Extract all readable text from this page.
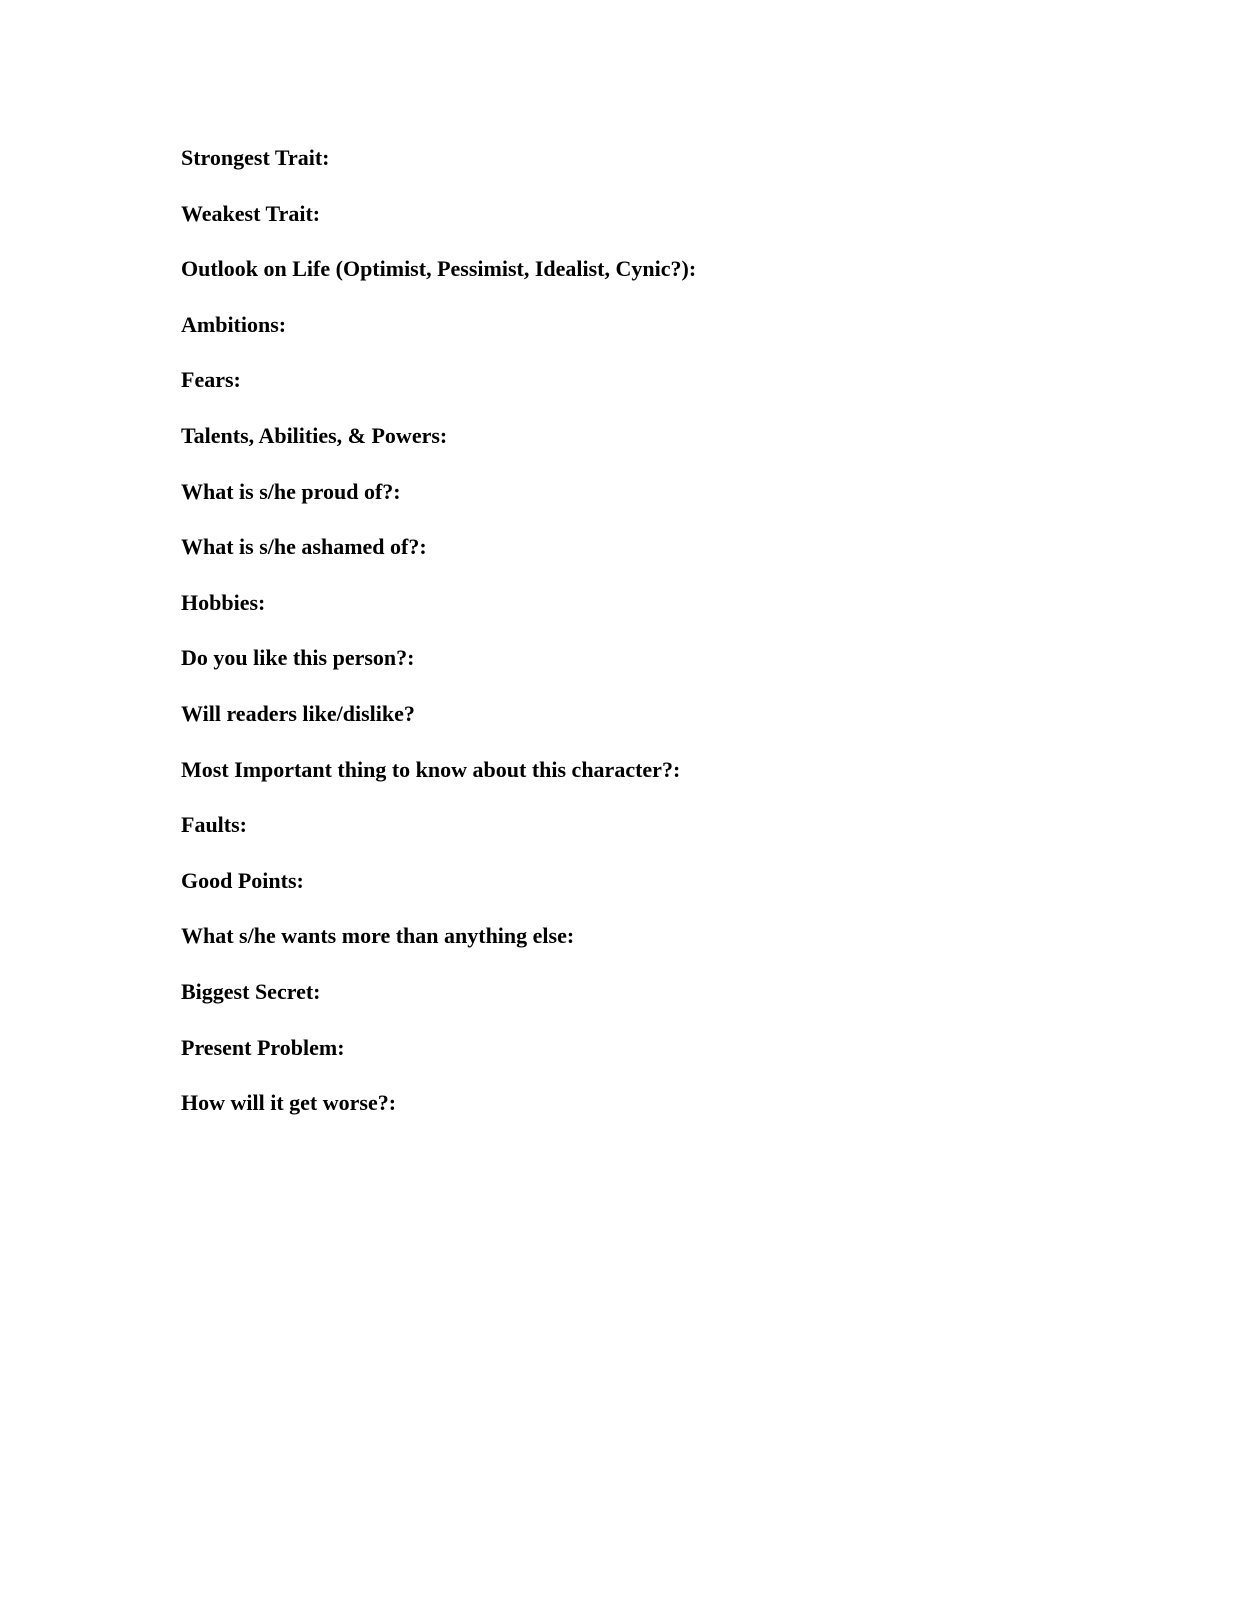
Strongest Trait:
Weakest Trait:
Outlook on Life (Optimist, Pessimist, Idealist, Cynic?):
Ambitions:
Fears:
Talents, Abilities, & Powers:
What is s/he proud of?:
What is s/he ashamed of?:
Hobbies:
Do you like this person?:
Will readers like/dislike?
Most Important thing to know about this character?:
Faults:
Good Points:
What s/he wants more than anything else:
Biggest Secret:
Present Problem:
How will it get worse?:
